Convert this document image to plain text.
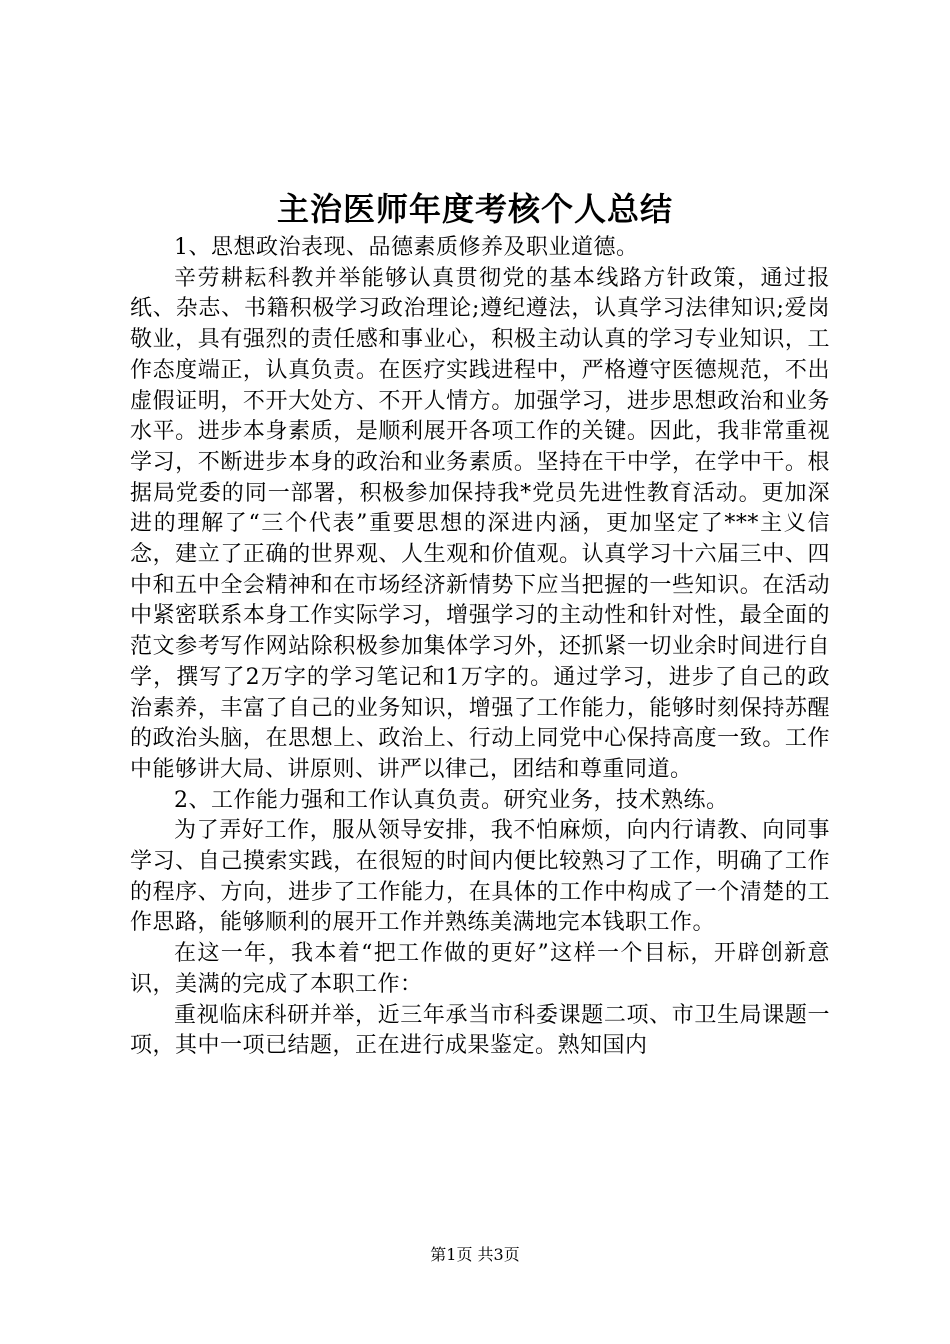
主治医师年度考核个人总结

1、思想政治表现、品德素质修养及职业道德。

辛劳耕耘科教并举能够认真贯彻党的基本线路方针政策，通过报纸、杂志、书籍积极学习政治理论;遵纪遵法，认真学习法律知识;爱岗敬业，具有强烈的责任感和事业心，积极主动认真的学习专业知识，工作态度端正，认真负责。在医疗实践进程中，严格遵守医德规范，不出虚假证明，不开大处方、不开人情方。加强学习，进步思想政治和业务水平。进步本身素质，是顺利展开各项工作的关键。因此，我非常重视学习，不断进步本身的政治和业务素质。坚持在干中学，在学中干。根据局党委的同一部署，积极参加保持我*党员先进性教育活动。更加深进的理解了“三个代表”重要思想的深进内涵，更加坚定了***主义信念，建立了正确的世界观、人生观和价值观。认真学习十六届三中、四中和五中全会精神和在市场经济新情势下应当把握的一些知识。在活动中紧密联系本身工作实际学习，增强学习的主动性和针对性，最全面的范文参考写作网站除积极参加集体学习外，还抓紧一切业余时间进行自学，撰写了2万字的学习笔记和1万字的。通过学习，进步了自己的政治素养，丰富了自己的业务知识，增强了工作能力，能够时刻保持苏醒的政治头脑，在思想上、政治上、行动上同党中心保持高度一致。工作中能够讲大局、讲原则、讲严以律己，团结和尊重同道。

2、工作能力强和工作认真负责。研究业务，技术熟练。

为了弄好工作，服从领导安排，我不怕麻烦，向内行请教、向同事学习、自己摸索实践，在很短的时间内便比较熟习了工作，明确了工作的程序、方向，进步了工作能力，在具体的工作中构成了一个清楚的工作思路，能够顺利的展开工作并熟练美满地完本钱职工作。

在这一年，我本着“把工作做的更好”这样一个目标，开辟创新意识，美满的完成了本职工作：

重视临床科研并举，近三年承当市科委课题二项、市卫生局课题一项，其中一项已结题，正在进行成果鉴定。熟知国内

第1页 共3页
